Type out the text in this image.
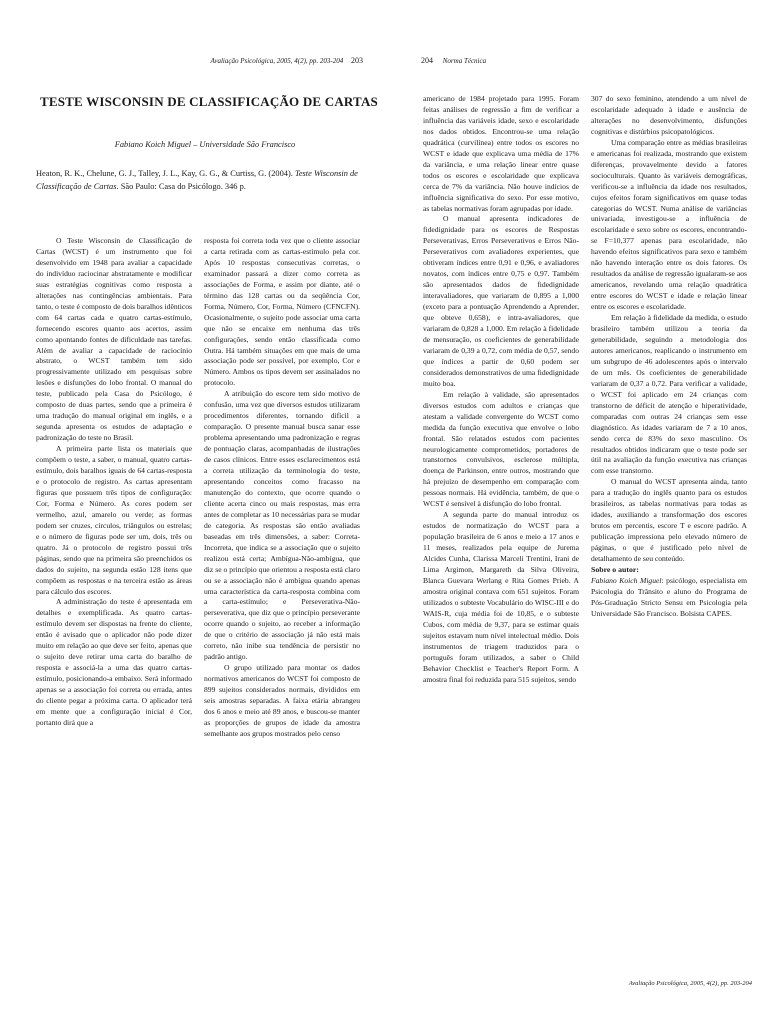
Avaliação Psicológica, 2005, 4(2), pp. 203-204 203
TESTE WISCONSIN DE CLASSIFICAÇÃO DE CARTAS
Fabiano Koich Miguel – Universidade São Francisco
Heaton, R. K., Chelune, G. J., Talley, J. L., Kay, G. G., & Curtiss, G. (2004). Teste Wisconsin de Classificação de Cartas. São Paulo: Casa do Psicólogo. 346 p.

O Teste Wisconsin de Classificação de Cartas (WCST) é um instrumento que foi desenvolvido em 1948 para avaliar a capacidade do indivíduo raciocinar abstratamente e modificar suas estratégias cognitivas como resposta a alterações nas contingências ambientais. Para tanto, o teste é composto de dois baralhos idênticos com 64 cartas cada e quatro cartas-estímulo, fornecendo escores quanto aos acertos, assim como apontando fontes de dificuldade nas tarefas. Além de avaliar a capacidade de raciocínio abstrato, o WCST também tem sido progressivamente utilizado em pesquisas sobre lesões e disfunções do lobo frontal. O manual do teste, publicado pela Casa do Psicólogo, é composto de duas partes, sendo que a primeira é uma tradução do manual original em inglês, e a segunda apresenta os estudos de adaptação e padronização do teste no Brasil.

A primeira parte lista os materiais que compõem o teste, a saber, o manual, quatro cartas-estímulo, dois baralhos iguais de 64 cartas-resposta e o protocolo de registro. As cartas apresentam figuras que possuem três tipos de configuração: Cor, Forma e Número. As cores podem ser vermelho, azul, amarelo ou verde; as formas podem ser cruzes, círculos, triângulos ou estrelas; e o número de figuras pode ser um, dois, três ou quatro. Já o protocolo de registro possui três páginas, sendo que na primeira são preenchidos os dados do sujeito, na segunda estão 128 itens que compõem as respostas e na terceira estão as áreas para cálculo dos escores.

A administração do teste é apresentada em detalhes e exemplificada. As quatro cartas-estímulo devem ser dispostas na frente do cliente, então é avisado que o aplicador não pode dizer muito em relação ao que deve ser feito, apenas que o sujeito deve retirar uma carta do baralho de resposta e associá-la a uma das quatro cartas-estímulo, posicionando-a embaixo. Será informado apenas se a associação foi correta ou errada, antes do cliente pegar a próxima carta. O aplicador terá em mente que a configuração inicial é Cor, portanto dirá que a

resposta foi correta toda vez que o cliente associar a carta retirada com as cartas-estímulo pela cor. Após 10 respostas consecutivas corretas, o examinador passará a dizer como correta as associações de Forma, e assim por diante, até o término das 128 cartas ou da seqüência Cor, Forma, Número, Cor, Forma, Número (CFNCFN). Ocasionalmente, o sujeito pode associar uma carta que não se encaixe em nenhuma das três configurações, sendo então classificada como Outra. Há também situações em que mais de uma associação pode ser possível, por exemplo, Cor e Número. Ambos os tipos devem ser assinalados no protocolo.

A atribuição do escore tem sido motivo de confusão, uma vez que diversos estudos utilizaram procedimentos diferentes, tornando difícil a comparação. O presente manual busca sanar esse problema apresentando uma padronização e regras de pontuação claras, acompanhadas de ilustrações de casos clínicos. Entre esses esclarecimentos está a correta utilização da terminologia do teste, apresentando conceitos como fracasso na manutenção do contexto, que ocorre quando o cliente acerta cinco ou mais respostas, mas erra antes de completar as 10 necessárias para se mudar de categoria. As respostas são então avaliadas baseadas em três dimensões, a saber: Correta-Incorreta, que indica se a associação que o sujeito realizou está certa; Ambígua-Não-ambígua, que diz se o princípio que orientou a resposta está claro ou se a associação não é ambígua quando apenas uma característica da carta-resposta combina com a carta-estímulo; e Perseverativa-Não-perseverativa, que diz que o princípio perseverante ocorre quando o sujeito, ao receber a informação de que o critério de associação já não está mais correto, não inibe sua tendência de persistir no padrão antigo.

O grupo utilizado para montar os dados normativos americanos do WCST foi composto de 899 sujeitos considerados normais, divididos em seis amostras separadas. A faixa etária abrangeu dos 6 anos e meio até 89 anos, e buscou-se manter as proporções de grupos de idade da amostra semelhante aos grupos mostrados pelo censo

204 Norma Técnica

americano de 1984 projetado para 1995. Foram feitas análises de regressão a fim de verificar a influência das variáveis idade, sexo e escolaridade nos dados obtidos. Encontrou-se uma relação quadrática (curvilínea) entre todos os escores no WCST e idade que explicava uma média de 17% da variância, e uma relação linear entre quase todos os escores e escolaridade que explicava cerca de 7% da variância. Não houve indícios de influência significativa do sexo. Por esse motivo, as tabelas normativas foram agrupadas por idade.

O manual apresenta indicadores de fidedignidade para os escores de Respostas Perseverativas, Erros Perseverativos e Erros Não-Perseverativos com avaliadores experientes, que obtiveram índices entre 0,91 e 0,96, e avaliadores novatos, com índices entre 0,75 e 0,97. Também são apresentados dados de fidedignidade interavaliadores, que variaram de 0,895 a 1,000 (exceto para a pontuação Aprendendo a Aprender, que obteve 0,658), e intra-avaliadores, que variaram de 0,828 a 1,000. Em relação à fidelidade de mensuração, os coeficientes de generabilidade variaram de 0,39 a 0,72, com média de 0,57, sendo que índices a partir de 0,60 podem ser considerados demonstrativos de uma fidedignidade muito boa.

Em relação à validade, são apresentados diversos estudos com adultos e crianças que atestam a validade convergente do WCST como medida da função executiva que envolve o lobo frontal. São relatados estudos com pacientes neurologicamente comprometidos, portadores de transtornos convulsivos, esclerose múltipla, doença de Parkinson, entre outros, mostrando que há prejuízo de desempenho em comparação com pessoas normais. Há evidência, também, de que o WCST é sensível à disfunção do lobo frontal.

A segunda parte do manual introduz os estudos de normatização do WCST para a população brasileira de 6 anos e meio a 17 anos e 11 meses, realizados pela equipe de Jurema Alcides Cunha, Clarissa Marceli Trentini, Irani de Lima Argimon, Margareth da Silva Oliveira, Blanca Guevara Werlang e Rita Gomes Prieb. A amostra original contava com 651 sujeitos. Foram utilizados o subteste Vocabulário do WISC-III e do WAIS-R, cuja média foi de 10,85, e o subteste Cubos, com média de 9,37, para se estimar quais sujeitos estavam num nível intelectual médio. Dois instrumentos de triagem traduzidos para o português foram utilizados, a saber o Child Behavior Checklist e Teacher's Report Form. A amostra final foi reduzida para 515 sujeitos, sendo

307 do sexo feminino, atendendo a um nível de escolaridade adequado à idade e ausência de alterações no desenvolvimento, disfunções cognitivas e distúrbios psicopatológicos.

Uma comparação entre as médias brasileiras e americanas foi realizada, mostrando que existem diferenças, provavelmente devido a fatores socioculturais. Quanto às variáveis demográficas, verificou-se a influência da idade nos resultados, cujos efeitos foram significativos em quase todas categorias do WCST. Numa análise de variâncias univariada, investigou-se a influência de escolaridade e sexo sobre os escores, encontrando-se F=10,377 apenas para escolaridade, não havendo efeitos significativos para sexo e também não havendo interação entre os dois fatores. Os resultados da análise de regressão igualaram-se aos americanos, revelando uma relação quadrática entre escores do WCST e idade e relação linear entre os escores e escolaridade.

Em relação à fidelidade da medida, o estudo brasileiro também utilizou a teoria da generabilidade, seguindo a metodologia dos autores americanos, reaplicando o instrumento em um subgrupo de 46 adolescentes após o intervalo de um mês. Os coeficientes de generabilidade variaram de 0,37 a 0,72. Para verificar a validade, o WCST foi aplicado em 24 crianças com transtorno de déficit de atenção e hiperatividade, comparadas com outras 24 crianças sem esse diagnóstico. As idades variaram de 7 a 10 anos, sendo cerca de 83% do sexo masculino. Os resultados obtidos indicaram que o teste pode ser útil na avaliação da função executiva nas crianças com esse transtorno.

O manual do WCST apresenta ainda, tanto para a tradução do inglês quanto para os estudos brasileiros, as tabelas normativas para todas as idades, auxiliando a transformação dos escores brutos em percentis, escore T e escore padrão. A publicação impressiona pelo elevado número de páginas, o que é justificado pelo nível de detalhamento de seu conteúdo.

Sobre o autor:

Fabiano Koich Miguel: psicólogo, especialista em Psicologia do Trânsito e aluno do Programa de Pós-Graduação Stricto Sensu em Psicologia pela Universidade São Francisco. Bolsista CAPES.

Avaliação Psicológica, 2005, 4(2), pp. 203-204
